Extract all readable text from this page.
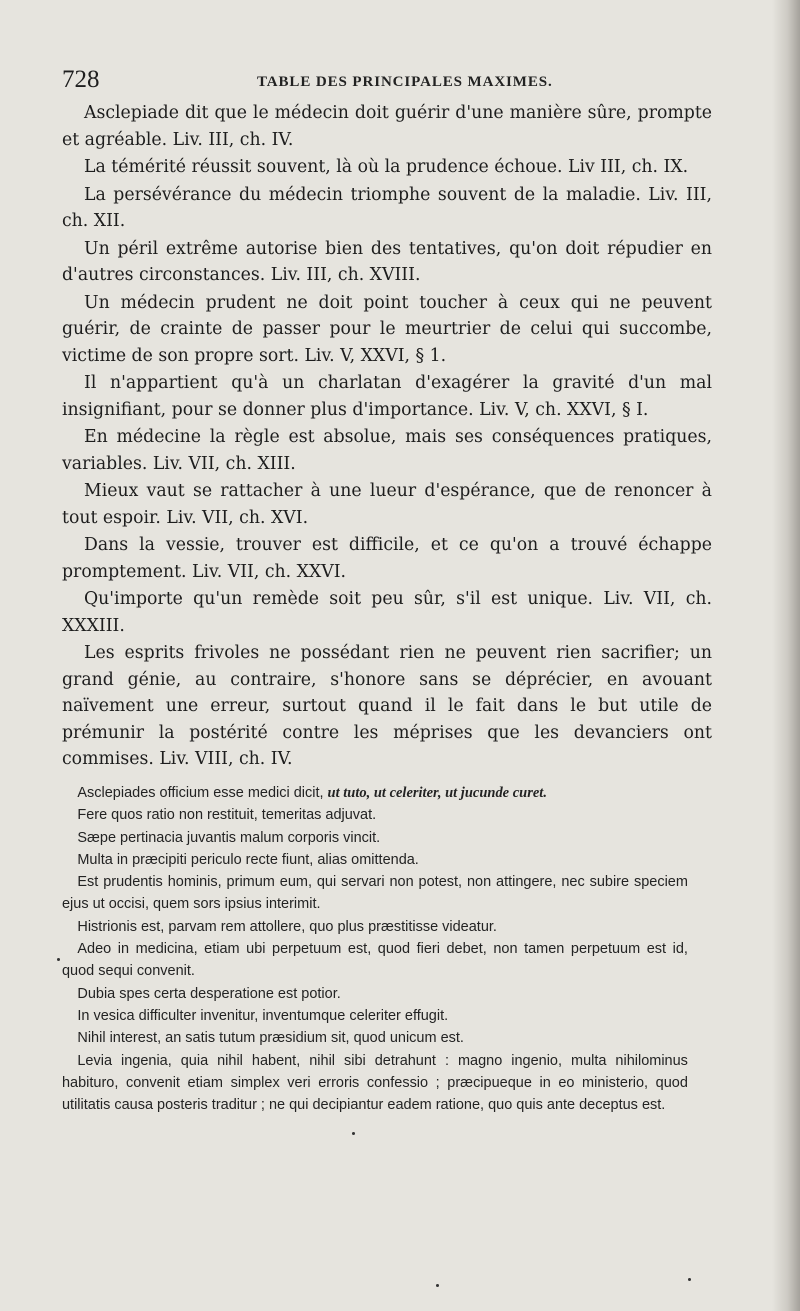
728	TABLE DES PRINCIPALES MAXIMES.

Asclepiade dit que le médecin doit guérir d'une manière sûre, prompte et agréable. Liv. III, ch. IV.

La témérité réussit souvent, là où la prudence échoue. Liv III, ch. IX.

La persévérance du médecin triomphe souvent de la maladie. Liv. III, ch. XII.

Un péril extrême autorise bien des tentatives, qu'on doit répudier en d'autres circonstances. Liv. III, ch. XVIII.

Un médecin prudent ne doit point toucher à ceux qui ne peuvent guérir, de crainte de passer pour le meurtrier de celui qui succombe, victime de son propre sort. Liv. V, XXVI, § 1.

Il n'appartient qu'à un charlatan d'exagérer la gravité d'un mal insignifiant, pour se donner plus d'importance. Liv. V, ch. XXVI, § I.

En médecine la règle est absolue, mais ses conséquences pratiques, variables. Liv. VII, ch. XIII.

Mieux vaut se rattacher à une lueur d'espérance, que de renoncer à tout espoir. Liv. VII, ch. XVI.

Dans la vessie, trouver est difficile, et ce qu'on a trouvé échappe promptement. Liv. VII, ch. XXVI.

Qu'importe qu'un remède soit peu sûr, s'il est unique. Liv. VII, ch. XXXIII.

Les esprits frivoles ne possédant rien ne peuvent rien sacrifier; un grand génie, au contraire, s'honore sans se déprécier, en avouant naïvement une erreur, surtout quand il le fait dans le but utile de prémunir la postérité contre les méprises que les devanciers ont commises. Liv. VIII, ch. IV.

Asclepiades officium esse medici dicit, ut tuto, ut celeriter, ut jucunde curet.

Fere quos ratio non restituit, temeritas adjuvat.

Sæpe pertinacia juvantis malum corporis vincit.

Multa in præcipiti periculo recte fiunt, alias omittenda.

Est prudentis hominis, primum eum, qui servari non potest, non attingere, nec subire speciem ejus ut occisi, quem sors ipsius interimit.

Histrionis est, parvam rem attollere, quo plus præstitisse videatur.

Adeo in medicina, etiam ubi perpetuum est, quod fieri debet, non tamen perpetuum est id, quod sequi convenit.

Dubia spes certa desperatione est potior.

In vesica difficulter invenitur, inventumque celeriter effugit.

Nihil interest, an satis tutum præsidium sit, quod unicum est.

Levia ingenia, quia nihil habent, nihil sibi detrahunt : magno ingenio, multa nihilominus habituro, convenit etiam simplex veri erroris confessio ; præcipueque in eo ministerio, quod utilitatis causa posteris traditur ; ne qui decipiantur eadem ratione, quo quis ante deceptus est.
